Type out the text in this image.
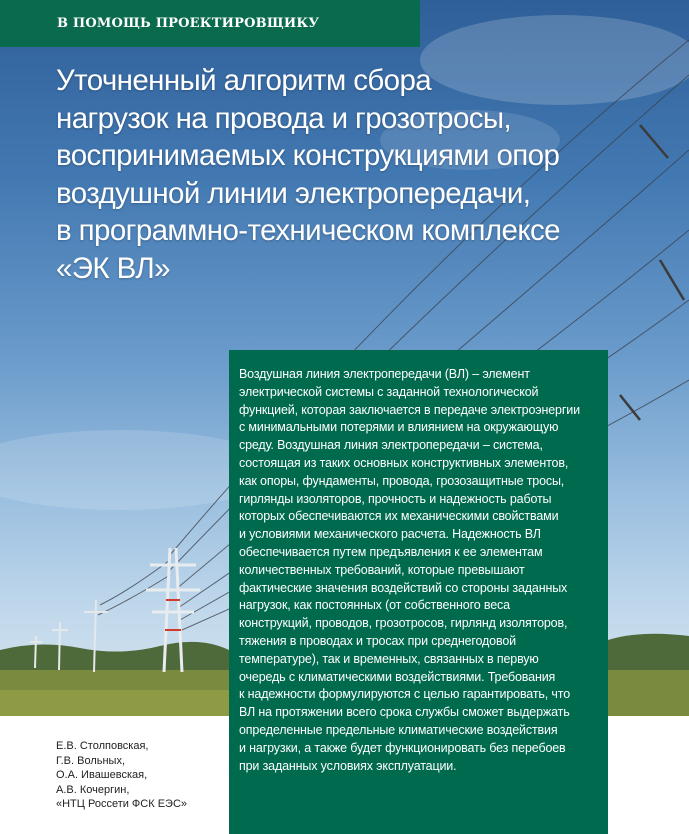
В ПОМОЩЬ ПРОЕКТИРОВЩИКУ
Уточненный алгоритм сбора
нагрузок на провода и грозотросы,
воспринимаемых конструкциями опор
воздушной линии электропередачи,
в программно-техническом комплексе
«ЭК ВЛ»
Воздушная линия электропередачи (ВЛ) – элемент
электрической системы с заданной технологической
функцией, которая заключается в передаче электроэнергии
с минимальными потерями и влиянием на окружающую
среду. Воздушная линия электропередачи – система,
состоящая из таких основных конструктивных элементов,
как опоры, фундаменты, провода, грозозащитные тросы,
гирлянды изоляторов, прочность и надежность работы
которых обеспечиваются их механическими свойствами
и условиями механического расчета. Надежность ВЛ
обеспечивается путем предъявления к ее элементам
количественных требований, которые превышают
фактические значения воздействий со стороны заданных
нагрузок, как постоянных (от собственного веса
конструкций, проводов, грозотросов, гирлянд изоляторов,
тяжения в проводах и тросах при среднегодовой
температуре), так и временных, связанных в первую
очередь с климатическими воздействиями. Требования
к надежности формулируются с целью гарантировать, что
ВЛ на протяжении всего срока службы сможет выдержать
определенные предельные климатические воздействия
и нагрузки, а также будет функционировать без перебоев
при заданных условиях эксплуатации.
Е.В. Столповская,
Г.В. Вольных,
О.А. Ивашевская,
А.В. Кочергин,
«НТЦ Россети ФСК ЕЭС»
